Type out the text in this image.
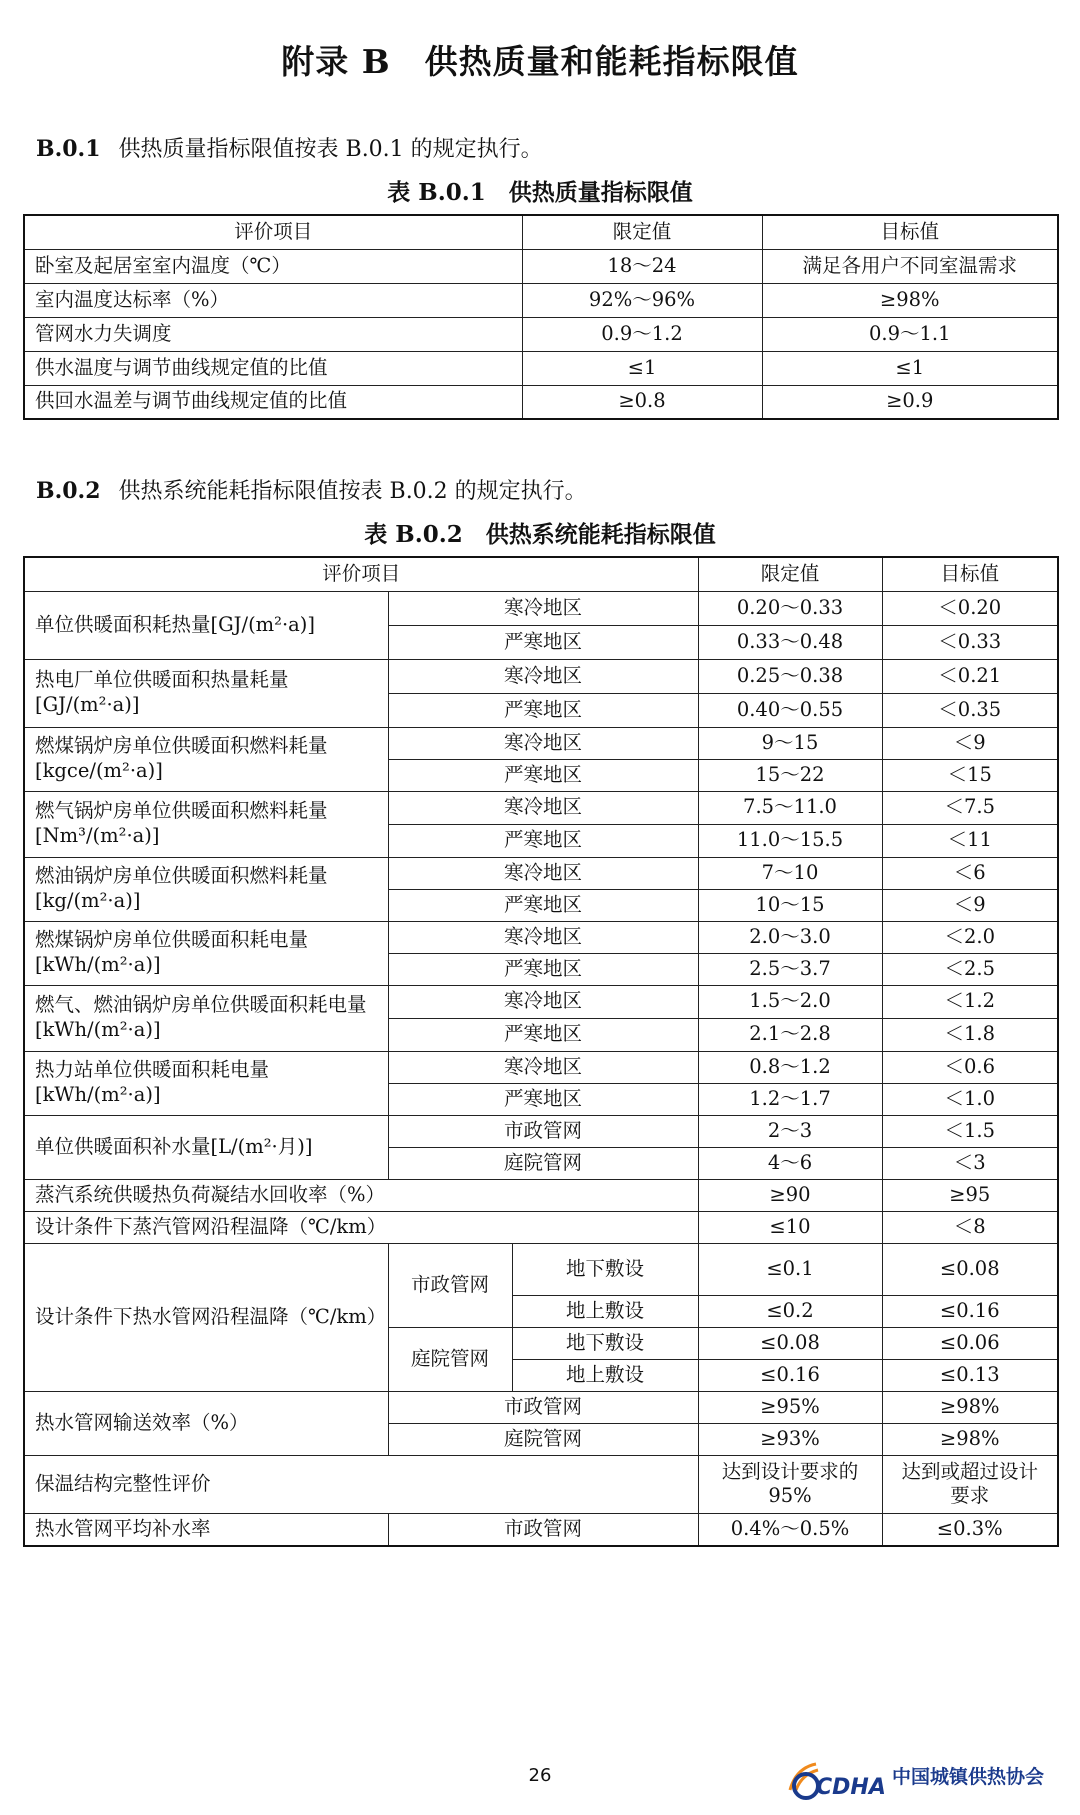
附录 B　供热质量和能耗指标限值
B.0.1 供热质量指标限值按表 B.0.1 的规定执行。
表 B.0.1　供热质量指标限值
评价项目	限定值	目标值
卧室及起居室室内温度（℃）	18～24	满足各用户不同室温需求
室内温度达标率（%）	92%～96%	≥98%
管网水力失调度	0.9～1.2	0.9～1.1
供水温度与调节曲线规定值的比值	≤1	≤1
供回水温差与调节曲线规定值的比值	≥0.8	≥0.9
B.0.2 供热系统能耗指标限值按表 B.0.2 的规定执行。
表 B.0.2　供热系统能耗指标限值
评价项目			限定值	目标值
单位供暖面积耗热量[GJ/(m²·a)]	寒冷地区		0.20～0.33	＜0.20
	严寒地区		0.33～0.48	＜0.33
热电厂单位供暖面积热量耗量[GJ/(m²·a)]	寒冷地区		0.25～0.38	＜0.21
	严寒地区		0.40～0.55	＜0.35
燃煤锅炉房单位供暖面积燃料耗量[kgce/(m²·a)]	寒冷地区		9～15	＜9
	严寒地区		15～22	＜15
燃气锅炉房单位供暖面积燃料耗量[Nm³/(m²·a)]	寒冷地区		7.5～11.0	＜7.5
	严寒地区		11.0～15.5	＜11
燃油锅炉房单位供暖面积燃料耗量[kg/(m²·a)]	寒冷地区		7～10	＜6
	严寒地区		10～15	＜9
燃煤锅炉房单位供暖面积耗电量[kWh/(m²·a)]	寒冷地区		2.0～3.0	＜2.0
	严寒地区		2.5～3.7	＜2.5
燃气、燃油锅炉房单位供暖面积耗电量[kWh/(m²·a)]	寒冷地区		1.5～2.0	＜1.2
	严寒地区		2.1～2.8	＜1.8
热力站单位供暖面积耗电量[kWh/(m²·a)]	寒冷地区		0.8～1.2	＜0.6
	严寒地区		1.2～1.7	＜1.0
单位供暖面积补水量[L/(m²·月)]	市政管网		2～3	＜1.5
	庭院管网		4～6	＜3
蒸汽系统供暖热负荷凝结水回收率（%）			≥90	≥95
设计条件下蒸汽管网沿程温降（℃/km）			≤10	＜8
设计条件下热水管网沿程温降（℃/km）	市政管网	地下敷设	≤0.1	≤0.08
		地上敷设	≤0.2	≤0.16
	庭院管网	地下敷设	≤0.08	≤0.06
		地上敷设	≤0.16	≤0.13
热水管网输送效率（%）	市政管网		≥95%	≥98%
	庭院管网		≥93%	≥98%
保温结构完整性评价			达到设计要求的95%	达到或超过设计要求
热水管网平均补水率	市政管网		0.4%～0.5%	≤0.3%
26	CDHA 中国城镇供热协会
